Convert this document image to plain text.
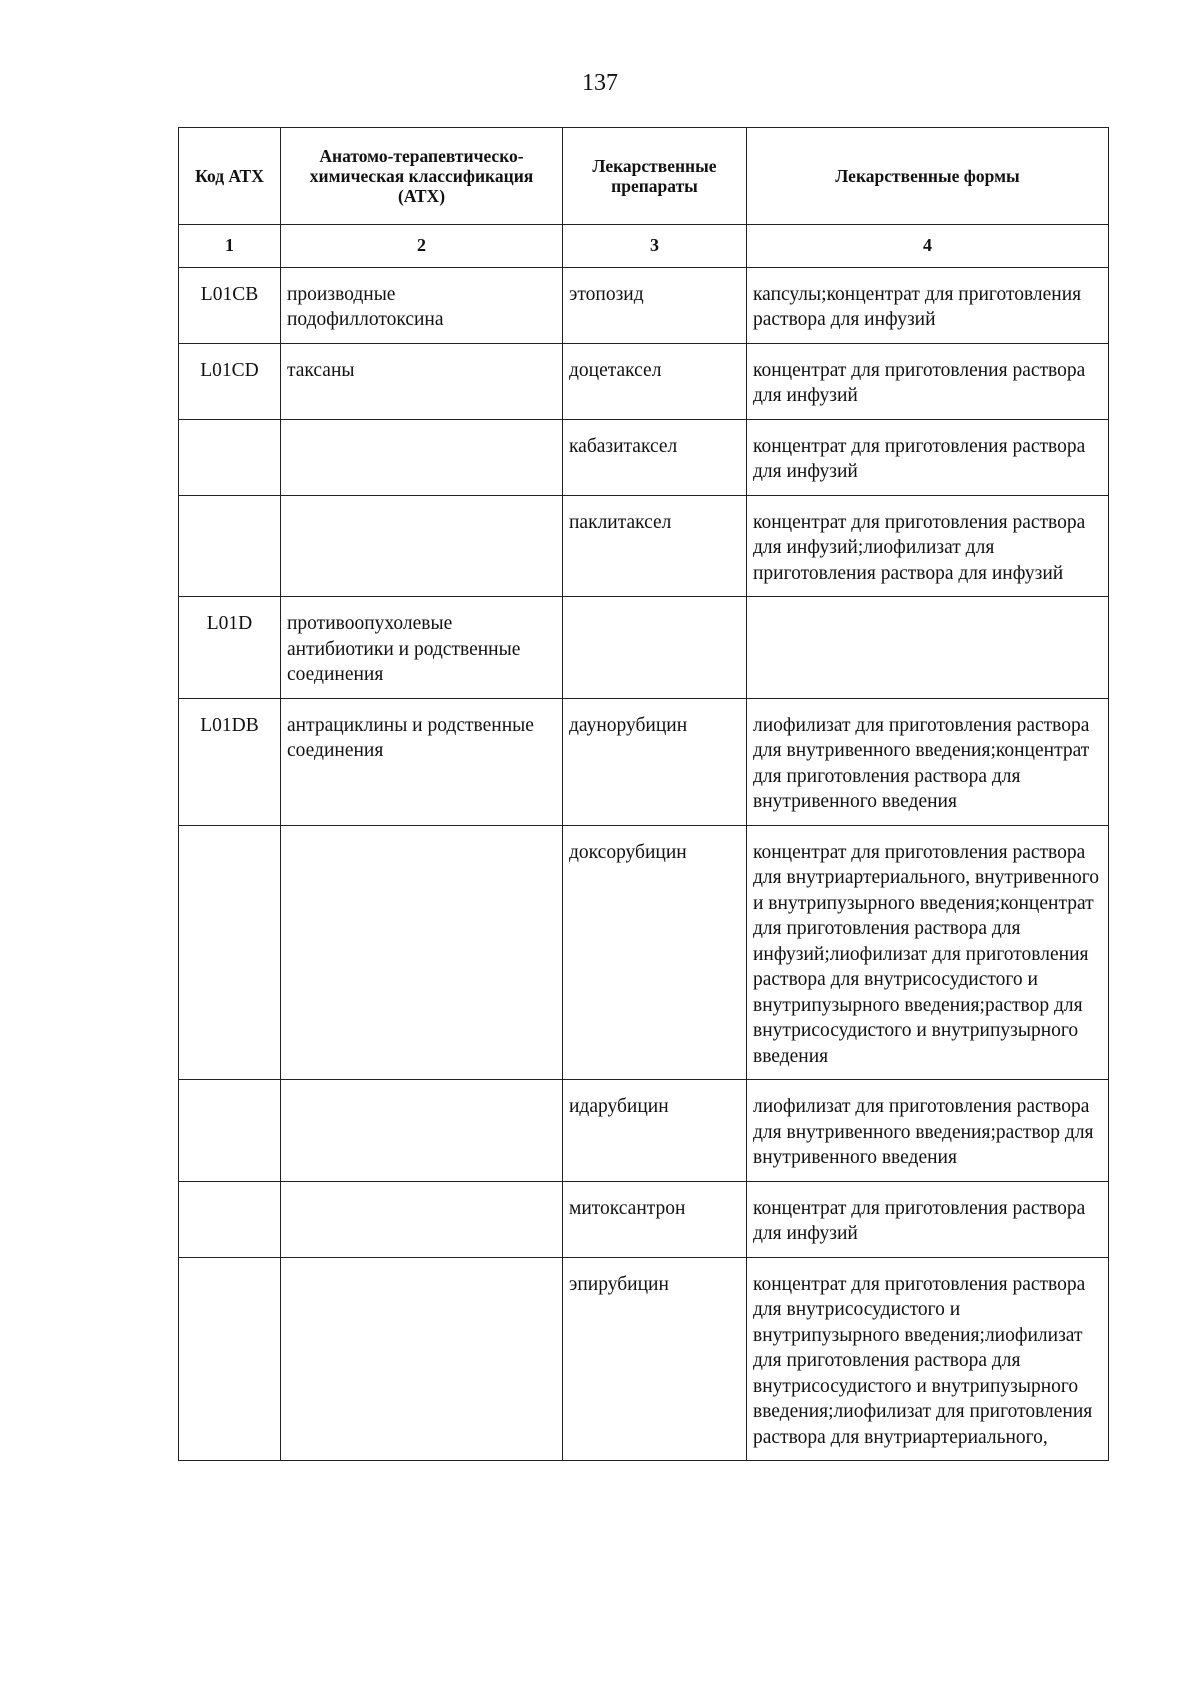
137
Код АТХ	Анатомо-терапевтическо-химическая классификация (АТХ)	Лекарственные препараты	Лекарственные формы
1	2	3	4
L01CB	производные подофиллотоксина	этопозид	капсулы;концентрат для приготовления раствора для инфузий
L01CD	таксаны	доцетаксел	концентрат для приготовления раствора для инфузий
		кабазитаксел	концентрат для приготовления раствора для инфузий
		паклитаксел	концентрат для приготовления раствора для инфузий;лиофилизат для приготовления раствора для инфузий
L01D	противоопухолевые антибиотики и родственные соединения		
L01DB	антрациклины и родственные соединения	даунорубицин	лиофилизат для приготовления раствора для внутривенного введения;концентрат для приготовления раствора для внутривенного введения
		доксорубицин	концентрат для приготовления раствора для внутриартериального, внутривенного и внутрипузырного введения;концентрат для приготовления раствора для инфузий;лиофилизат для приготовления раствора для внутрисосудистого и внутрипузырного введения;раствор для внутрисосудистого и внутрипузырного введения
		идарубицин	лиофилизат для приготовления раствора для внутривенного введения;раствор для внутривенного введения
		митоксантрон	концентрат для приготовления раствора для инфузий
		эпирубицин	концентрат для приготовления раствора для внутрисосудистого и внутрипузырного введения;лиофилизат для приготовления раствора для внутрисосудистого и внутрипузырного введения;лиофилизат для приготовления раствора для внутриартериального,
